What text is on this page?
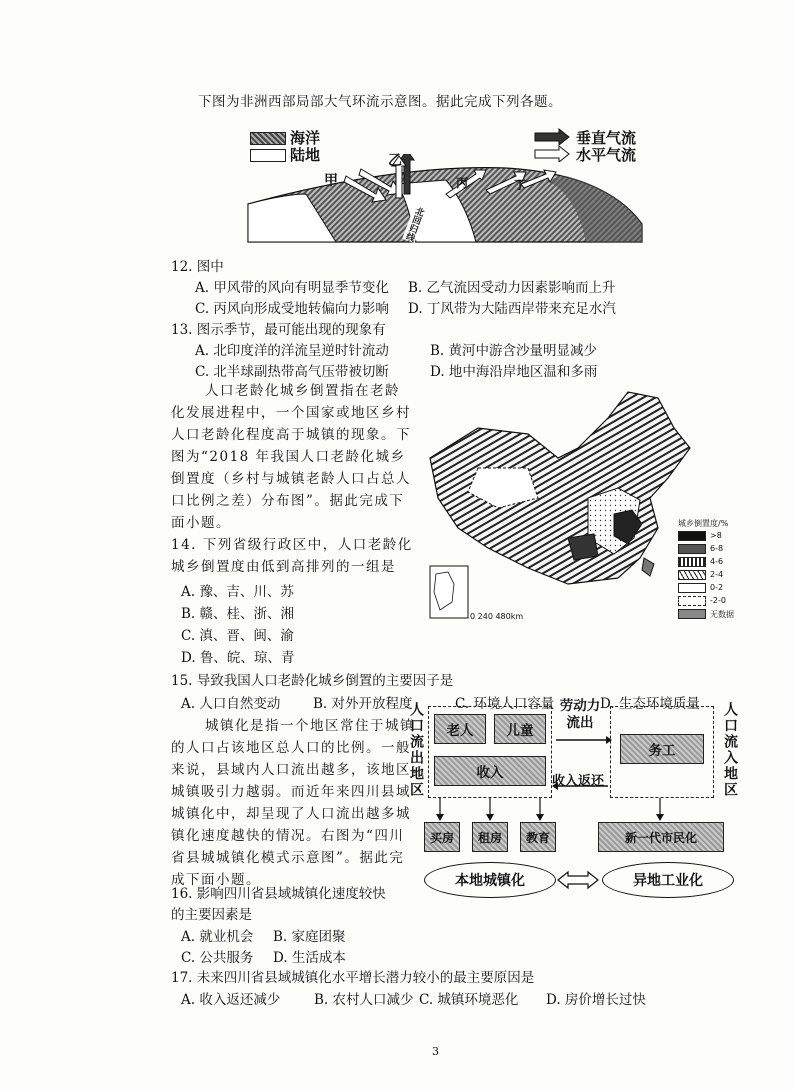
下图为非洲西部局部大气环流示意图。据此完成下列各题。
海洋
陆地
垂直气流
水平气流
甲
乙
丙	丁
北回归线
12. 图中
A. 甲风带的风向有明显季节变化 B. 乙气流因受动力因素影响而上升
C. 丙风向形成受地转偏向力影响 D. 丁风带为大陆西岸带来充足水汽
13. 图示季节，最可能出现的现象有
A. 北印度洋的洋流呈逆时针流动	B. 黄河中游含沙量明显减少
C. 北半球副热带高气压带被切断	D. 地中海沿岸地区温和多雨
人口老龄化城乡倒置指在老龄
化发展进程中，一个国家或地区乡村
人口老龄化程度高于城镇的现象。下
图为“2018 年我国人口老龄化城乡
倒置度（乡村与城镇老龄人口占总人
口比例之差）分布图”。据此完成下
面小题。
0 240 480km
城乡倒置度/%
>8
6-8
4-6
2-4
0-2
-2-0
无数据
14. 下列省级行政区中，人口老龄化
城乡倒置度由低到高排列的一组是
A. 豫、吉、川、苏
B. 赣、桂、浙、湘
C. 滇、晋、闽、渝
D. 鲁、皖、琼、青
15. 导致我国人口老龄化城乡倒置的主要因子是
A. 人口自然变动 B. 对外开放程度	C. 环境人口容量	D. 生态环境质量
城镇化是指一个地区常住于城镇
的人口占该地区总人口的比例。一般
来说，县域内人口流出越多，该地区
城镇吸引力越弱。而近年来四川县域
城镇化中，却呈现了人口流出越多城
镇化速度越快的情况。右图为“四川
省县城城镇化模式示意图”。据此完
成下面小题。
人口流出地区	人口流入地区
老人	儿童
收入
劳动力流出
收入返还
务工
买房	租房	教育	新一代市民化
本地城镇化	异地工业化
16. 影响四川省县域城镇化速度较快
的主要因素是
A. 就业机会 B. 家庭团聚
C. 公共服务 D. 生活成本
17. 未来四川省县域城镇化水平增长潜力较小的最主要原因是
A. 收入返还减少 B. 农村人口减少 C. 城镇环境恶化 D. 房价增长过快
3
